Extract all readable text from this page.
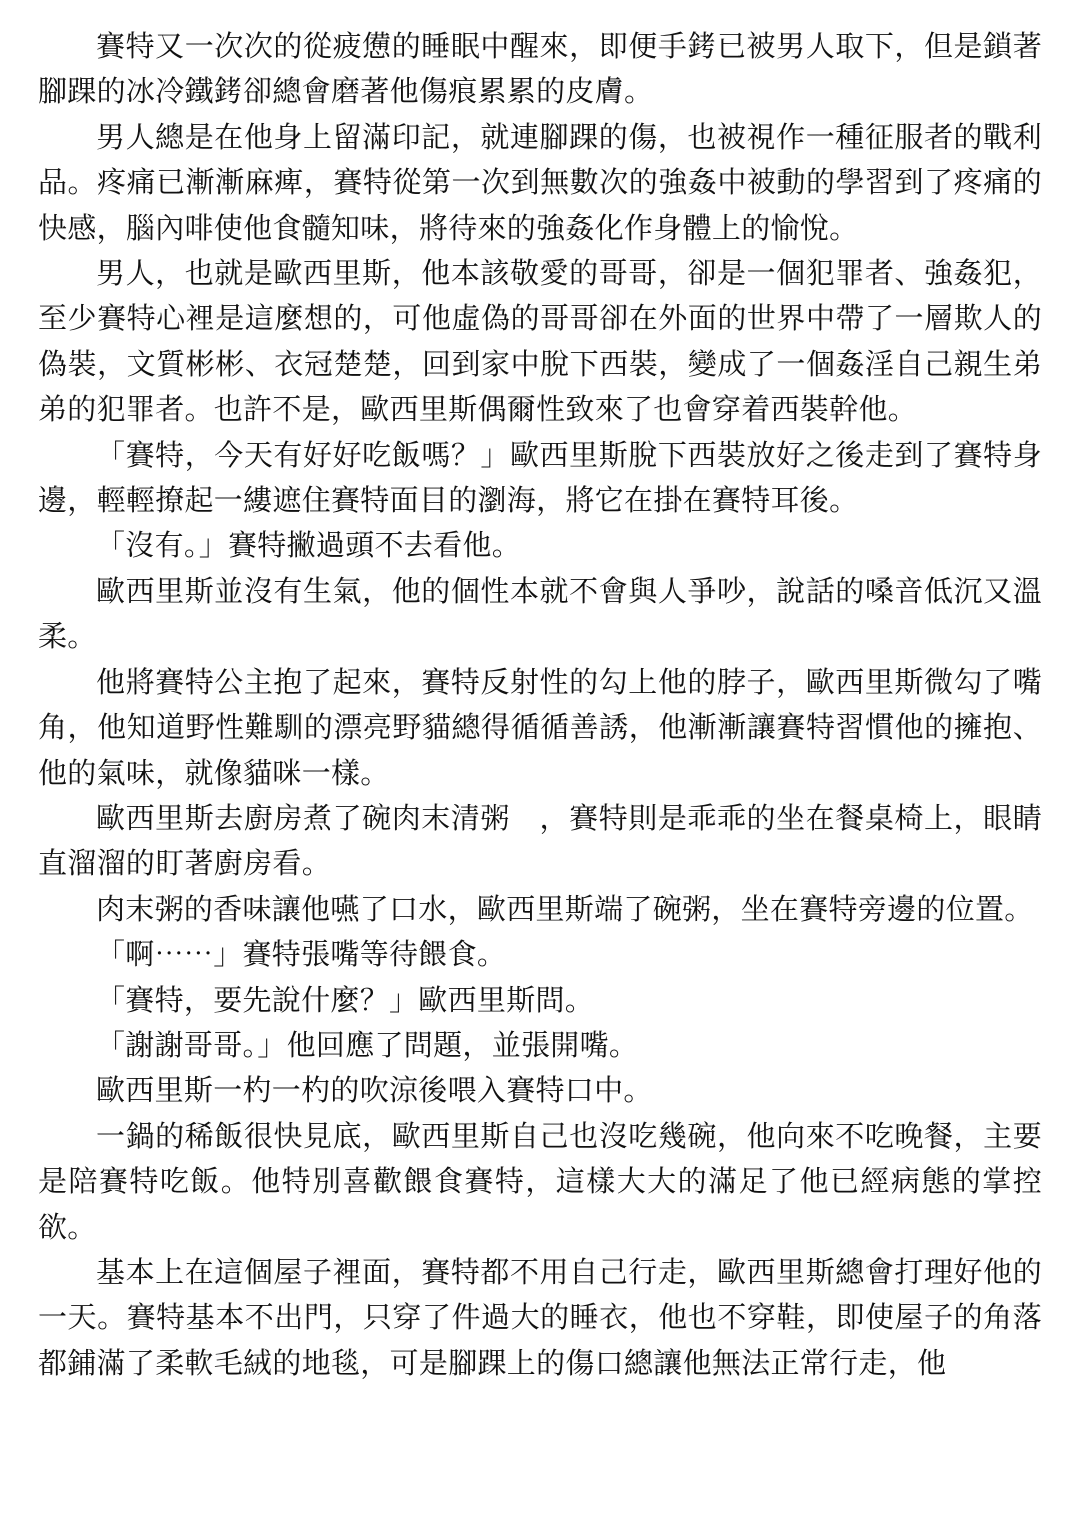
賽特又一次次的從疲憊的睡眠中醒來，即便手銬已被男人取下，但是鎖著腳踝的冰冷鐵銬卻總會磨著他傷痕累累的皮膚。

男人總是在他身上留滿印記，就連腳踝的傷，也被視作一種征服者的戰利品。疼痛已漸漸麻痺，賽特從第一次到無數次的強姦中被動的學習到了疼痛的快感，腦內啡使他食髓知味，將待來的強姦化作身體上的愉悅。

男人，也就是歐西里斯，他本該敬愛的哥哥，卻是一個犯罪者、強姦犯，至少賽特心裡是這麼想的，可他虛偽的哥哥卻在外面的世界中帶了一層欺人的偽裝，文質彬彬、衣冠楚楚，回到家中脫下西裝，變成了一個姦淫自己親生弟弟的犯罪者。也許不是，歐西里斯偶爾性致來了也會穿着西裝幹他。

「賽特，今天有好好吃飯嗎？」歐西里斯脫下西裝放好之後走到了賽特身邊，輕輕撩起一縷遮住賽特面目的瀏海，將它在掛在賽特耳後。

「沒有。」賽特撇過頭不去看他。

歐西里斯並沒有生氣，他的個性本就不會與人爭吵，說話的嗓音低沉又溫柔。

他將賽特公主抱了起來，賽特反射性的勾上他的脖子，歐西里斯微勾了嘴角，他知道野性難馴的漂亮野貓總得循循善誘，他漸漸讓賽特習慣他的擁抱、他的氣味，就像貓咪一樣。

歐西里斯去廚房煮了碗肉末清粥　，賽特則是乖乖的坐在餐桌椅上，眼睛直溜溜的盯著廚房看。

肉末粥的香味讓他嚥了口水，歐西里斯端了碗粥，坐在賽特旁邊的位置。

「啊⋯⋯」賽特張嘴等待餵食。

「賽特，要先說什麼？」歐西里斯問。

「謝謝哥哥。」他回應了問題，並張開嘴。

歐西里斯一杓一杓的吹涼後喂入賽特口中。

一鍋的稀飯很快見底，歐西里斯自己也沒吃幾碗，他向來不吃晚餐，主要是陪賽特吃飯。他特別喜歡餵食賽特，這樣大大的滿足了他已經病態的掌控欲。

基本上在這個屋子裡面，賽特都不用自己行走，歐西里斯總會打理好他的一天。賽特基本不出門，只穿了件過大的睡衣，他也不穿鞋，即使屋子的角落都鋪滿了柔軟毛絨的地毯，可是腳踝上的傷口總讓他無法正常行走，他
